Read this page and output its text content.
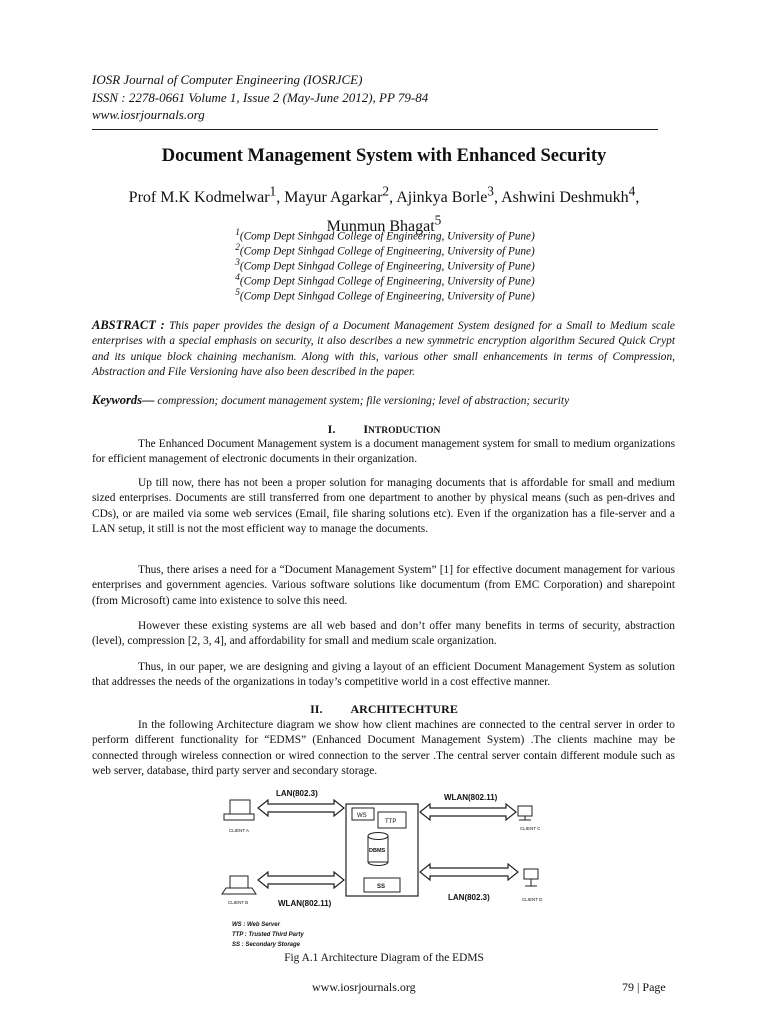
IOSR Journal of Computer Engineering (IOSRJCE)
ISSN : 2278-0661 Volume 1, Issue 2 (May-June 2012), PP 79-84
www.iosrjournals.org
Document Management System with Enhanced Security
Prof M.K Kodmelwar$^1$, Mayur Agarkar$^2$, Ajinkya Borle$^3$, Ashwini Deshmukh$^4$,
Munmun Bhagat$^5$
$^1$(Comp Dept Sinhgad College of Engineering, University of Pune)
$^2$(Comp Dept Sinhgad College of Engineering, University of Pune)
$^3$(Comp Dept Sinhgad College of Engineering, University of Pune)
$^4$(Comp Dept Sinhgad College of Engineering, University of Pune)
$^5$(Comp Dept Sinhgad College of Engineering, University of Pune)
ABSTRACT : This paper provides the design of a Document Management System designed for a Small to Medium scale enterprises with a special emphasis on security, it also describes a new symmetric encryption algorithm Secured Quick Crypt and its unique block chaining mechanism. Along with this, various other small enhancements in terms of Compression, Abstraction and File Versioning have also been described in the paper.
Keywords— compression; document management system; file versioning; level of abstraction; security
I. INTRODUCTION
The Enhanced Document Management system is a document management system for small to medium organizations for efficient management of electronic documents in their organization.
Up till now, there has not been a proper solution for managing documents that is affordable for small and medium sized enterprises. Documents are still transferred from one department to another by physical means (such as pen-drives and CDs), or are mailed via some web services (Email, file sharing solutions etc). Even if the organization has a file-server and a LAN setup, it still is not the most efficient way to manage the documents.
Thus, there arises a need for a “Document Management System” [1] for effective document management for various enterprises and government agencies. Various software solutions like documentum (from EMC Corporation) and sharepoint (from Microsoft) came into existence to solve this need.
However these existing systems are all web based and don’t offer many benefits in terms of security, abstraction (level), compression [2, 3, 4], and affordability for small and medium scale organization.
Thus, in our paper, we are designing and giving a layout of an efficient Document Management System as solution that addresses the needs of the organizations in today’s competitive world in a cost effective manner.
II. ARCHITECHTURE
In the following Architecture diagram we show how client machines are connected to the central server in order to perform different functionality for “EDMS” (Enhanced Document Management System) .The clients machine may be connected through wireless connection or wired connection to the server .The central server contain different module such as web server, database, third party server and secondary storage.
CLIENT A
CLIENT B
CLIENT C
CLIENT D
WS
TTP
DBMS
SS
LAN(802.3)	WLAN(802.11)
WLAN(802.11)
LAN(802.3)
WS : Web Server
TTP : Trusted Third Party
SS : Secondary Storage
Fig A.1 Architecture Diagram of the EDMS
www.iosrjournals.org	79 | Page
